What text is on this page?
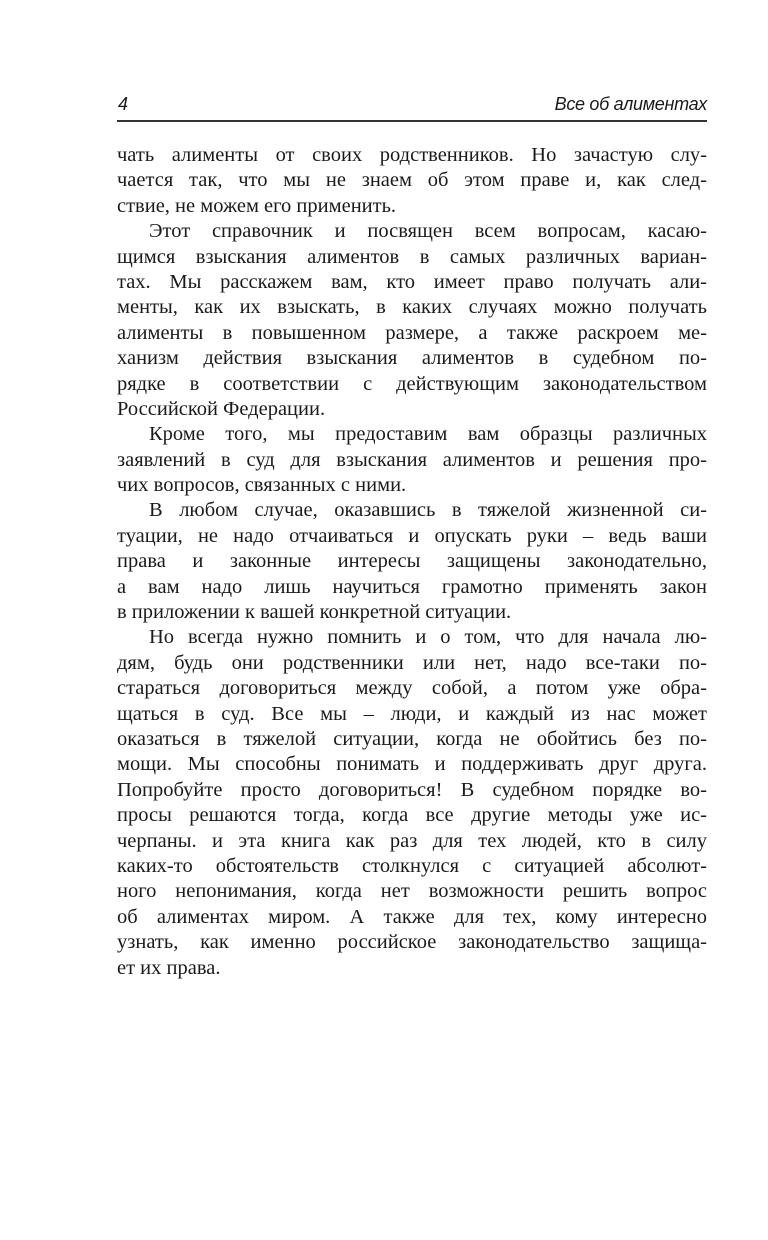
4	Все об алиментах
чать алименты от своих родственников. Но зачастую слу-
чается так, что мы не знаем об этом праве и, как след-
ствие, не можем его применить.
Этот справочник и посвящен всем вопросам, касаю-
щимся взыскания алиментов в самых различных вариан-
тах. Мы расскажем вам, кто имеет право получать али-
менты, как их взыскать, в каких случаях можно получать
алименты в повышенном размере, а также раскроем ме-
ханизм действия взыскания алиментов в судебном по-
рядке в соответствии с действующим законодательством
Российской Федерации.
Кроме того, мы предоставим вам образцы различных
заявлений в суд для взыскания алиментов и решения про-
чих вопросов, связанных с ними.
В любом случае, оказавшись в тяжелой жизненной си-
туации, не надо отчаиваться и опускать руки – ведь ваши
права и законные интересы защищены законодательно,
а вам надо лишь научиться грамотно применять закон
в приложении к вашей конкретной ситуации.
Но всегда нужно помнить и о том, что для начала лю-
дям, будь они родственники или нет, надо все-таки по-
стараться договориться между собой, а потом уже обра-
щаться в суд. Все мы – люди, и каждый из нас может
оказаться в тяжелой ситуации, когда не обойтись без по-
мощи. Мы способны понимать и поддерживать друг друга.
Попробуйте просто договориться! В судебном порядке во-
просы решаются тогда, когда все другие методы уже ис-
черпаны. и эта книга как раз для тех людей, кто в силу
каких-то обстоятельств столкнулся с ситуацией абсолют-
ного непонимания, когда нет возможности решить вопрос
об алиментах миром. А также для тех, кому интересно
узнать, как именно российское законодательство защища-
ет их права.
